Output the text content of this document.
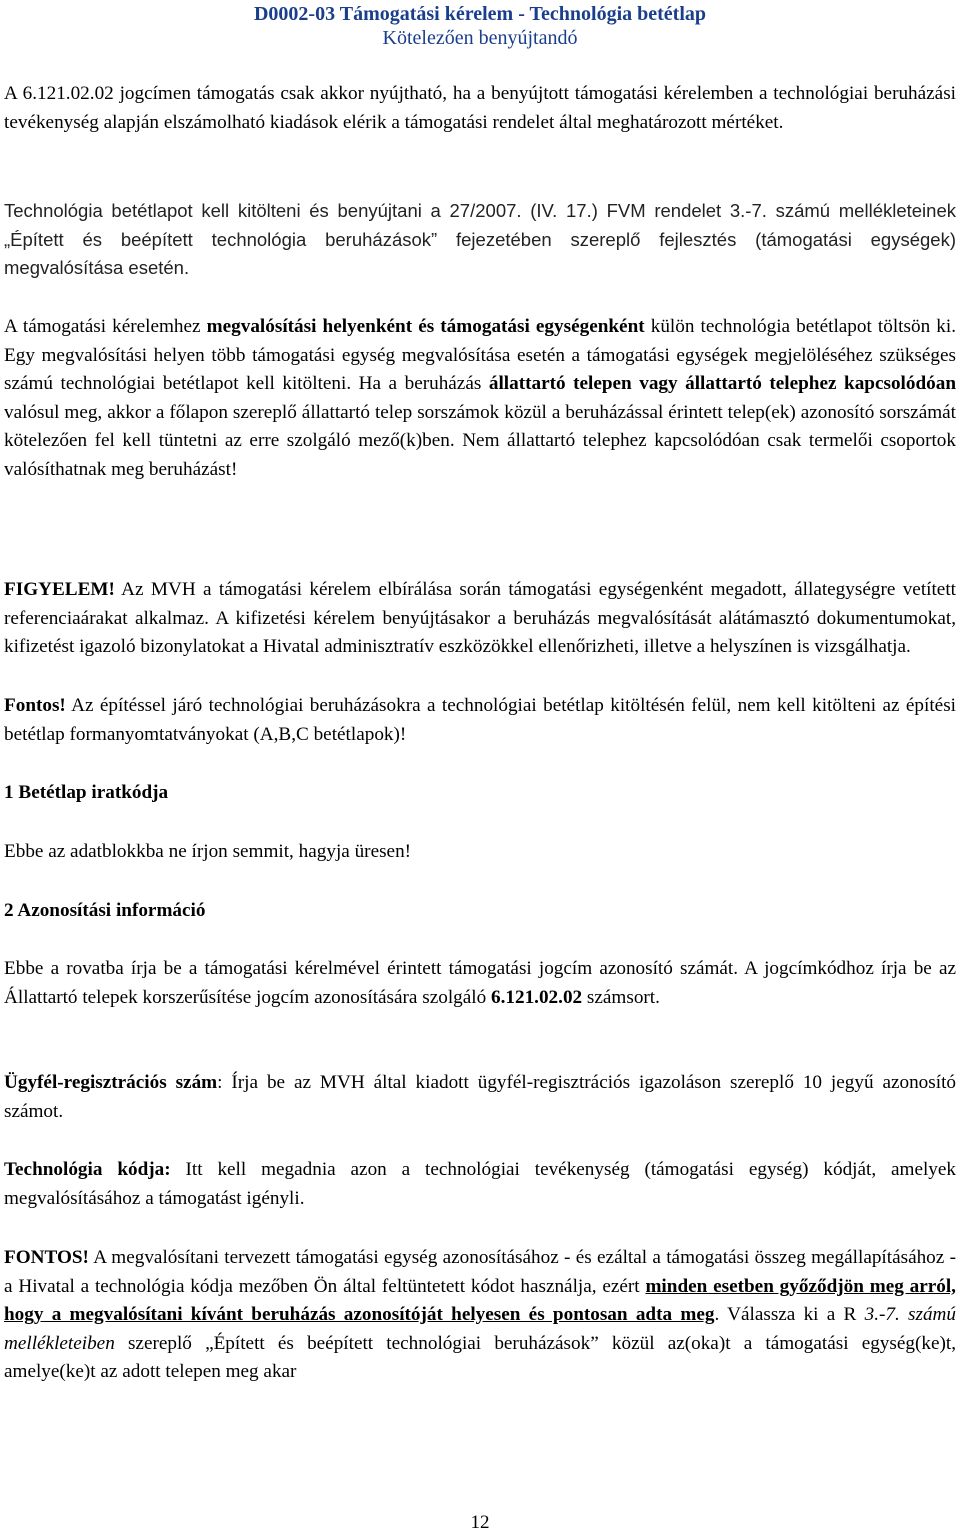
D0002-03 Támogatási kérelem - Technológia betétlap
Kötelezően benyújtandó

A 6.121.02.02 jogcímen támogatás csak akkor nyújtható, ha a benyújtott támogatási kérelemben a technológiai beruházási tevékenység alapján elszámolható kiadások elérik a támogatási rendelet által meghatározott mértéket.

Technológia betétlapot kell kitölteni és benyújtani a 27/2007. (IV. 17.) FVM rendelet 3.-7. számú mellékleteinek „Épített és beépített technológia beruházások” fejezetében szereplő fejlesztés (támogatási egységek) megvalósítása esetén.

A támogatási kérelemhez megvalósítási helyenként és támogatási egységenként külön technológia betétlapot töltsön ki. Egy megvalósítási helyen több támogatási egység megvalósítása esetén a támogatási egységek megjelöléséhez szükséges számú technológiai betétlapot kell kitölteni. Ha a beruházás állattartó telepen vagy állattartó telephez kapcsolódóan valósul meg, akkor a főlapon szereplő állattartó telep sorszámok közül a beruházással érintett telep(ek) azonosító sorszámát kötelezően fel kell tüntetni az erre szolgáló mező(k)ben. Nem állattartó telephez kapcsolódóan csak termelői csoportok valósíthatnak meg beruházást!

FIGYELEM! Az MVH a támogatási kérelem elbírálása során támogatási egységenként megadott, állategységre vetített referenciaárakat alkalmaz. A kifizetési kérelem benyújtásakor a beruházás megvalósítását alátámasztó dokumentumokat, kifizetést igazoló bizonylatokat a Hivatal adminisztratív eszközökkel ellenőrizheti, illetve a helyszínen is vizsgálhatja.

Fontos! Az építéssel járó technológiai beruházásokra a technológiai betétlap kitöltésén felül, nem kell kitölteni az építési betétlap formanyomtatványokat (A,B,C betétlapok)!

1 Betétlap iratkódja

Ebbe az adatblokkba ne írjon semmit, hagyja üresen!

2 Azonosítási információ

Ebbe a rovatba írja be a támogatási kérelmével érintett támogatási jogcím azonosító számát. A jogcímkódhoz írja be az Állattartó telepek korszerűsítése jogcím azonosítására szolgáló 6.121.02.02 számsort.

Ügyfél-regisztrációs szám: Írja be az MVH által kiadott ügyfél-regisztrációs igazoláson szereplő 10 jegyű azonosító számot.

Technológia kódja: Itt kell megadnia azon a technológiai tevékenység (támogatási egység) kódját, amelyek megvalósításához a támogatást igényli.

FONTOS! A megvalósítani tervezett támogatási egység azonosításához - és ezáltal a támogatási összeg megállapításához - a Hivatal a technológia kódja mezőben Ön által feltüntetett kódot használja, ezért minden esetben győződjön meg arról, hogy a megvalósítani kívánt beruházás azonosítóját helyesen és pontosan adta meg. Válassza ki a R 3.-7. számú mellékleteiben szereplő „Épített és beépített technológiai beruházások” közül az(oka)t a támogatási egység(ke)t, amelye(ke)t az adott telepen meg akar

12
